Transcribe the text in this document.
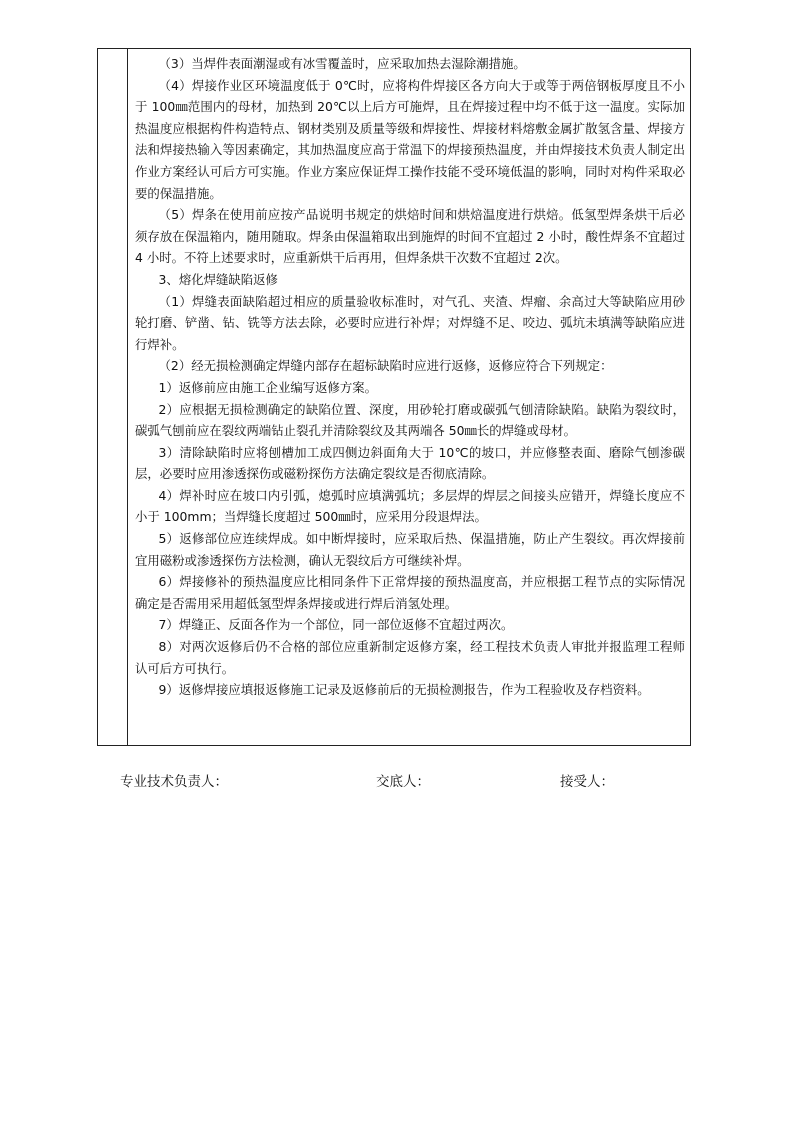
（3）当焊件表面潮湿或有冰雪覆盖时，应采取加热去湿除潮措施。

（4）焊接作业区环境温度低于 0℃时，应将构件焊接区各方向大于或等于两倍钢板厚度且不小于 100㎜范围内的母材，加热到 20℃以上后方可施焊，且在焊接过程中均不低于这一温度。实际加热温度应根据构件构造特点、钢材类别及质量等级和焊接性、焊接材料熔敷金属扩散氢含量、焊接方法和焊接热输入等因素确定，其加热温度应高于常温下的焊接预热温度，并由焊接技术负责人制定出作业方案经认可后方可实施。作业方案应保证焊工操作技能不受环境低温的影响，同时对构件采取必要的保温措施。

（5）焊条在使用前应按产品说明书规定的烘焙时间和烘焙温度进行烘焙。低氢型焊条烘干后必须存放在保温箱内，随用随取。焊条由保温箱取出到施焊的时间不宜超过 2 小时，酸性焊条不宜超过 4 小时。不符上述要求时，应重新烘干后再用，但焊条烘干次数不宜超过 2次。

3、熔化焊缝缺陷返修

（1）焊缝表面缺陷超过相应的质量验收标准时，对气孔、夹渣、焊瘤、余高过大等缺陷应用砂轮打磨、铲凿、钻、铣等方法去除，必要时应进行补焊；对焊缝不足、咬边、弧坑未填满等缺陷应进行焊补。

（2）经无损检测确定焊缝内部存在超标缺陷时应进行返修，返修应符合下列规定：

1）返修前应由施工企业编写返修方案。

2）应根据无损检测确定的缺陷位置、深度，用砂轮打磨或碳弧气刨清除缺陷。缺陷为裂纹时，碳弧气刨前应在裂纹两端钻止裂孔并清除裂纹及其两端各 50㎜长的焊缝或母材。

3）清除缺陷时应将刨槽加工成四侧边斜面角大于 10℃的坡口，并应修整表面、磨除气刨渗碳层，必要时应用渗透探伤或磁粉探伤方法确定裂纹是否彻底清除。

4）焊补时应在坡口内引弧，熄弧时应填满弧坑；多层焊的焊层之间接头应错开，焊缝长度应不小于 100mm；当焊缝长度超过 500㎜时，应采用分段退焊法。

5）返修部位应连续焊成。如中断焊接时，应采取后热、保温措施，防止产生裂纹。再次焊接前宜用磁粉或渗透探伤方法检测，确认无裂纹后方可继续补焊。

6）焊接修补的预热温度应比相同条件下正常焊接的预热温度高，并应根据工程节点的实际情况确定是否需用采用超低氢型焊条焊接或进行焊后消氢处理。

7）焊缝正、反面各作为一个部位，同一部位返修不宜超过两次。

8）对两次返修后仍不合格的部位应重新制定返修方案，经工程技术负责人审批并报监理工程师认可后方可执行。

9）返修焊接应填报返修施工记录及返修前后的无损检测报告，作为工程验收及存档资料。

专业技术负责人：	交底人：	接受人：
